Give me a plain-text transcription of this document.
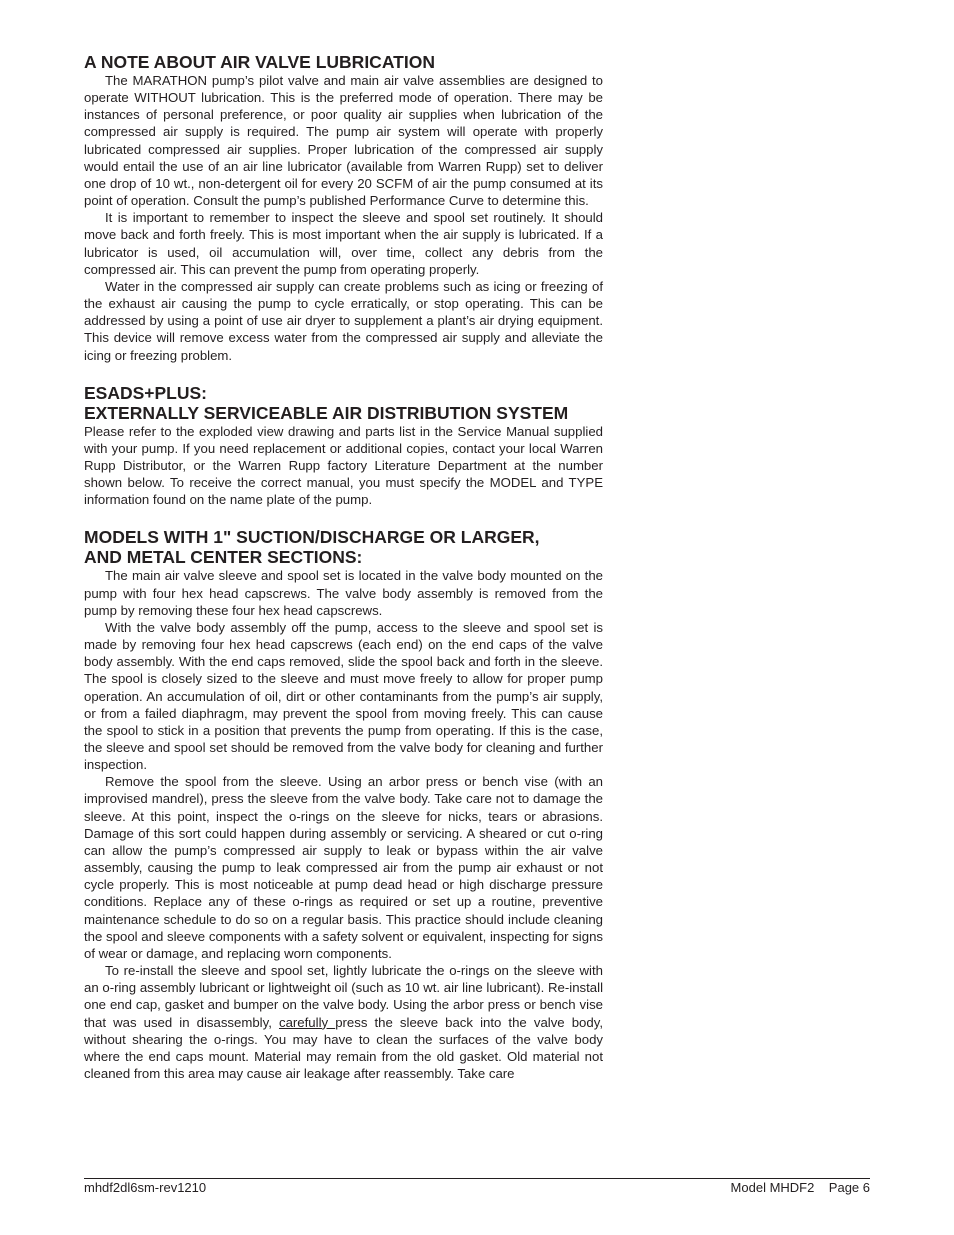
A NOTE ABOUT AIR VALVE LUBRICATION

The MARATHON pump’s pilot valve and main air valve assemblies are designed to operate WITHOUT lubrication. This is the preferred mode of operation. There may be instances of personal preference, or poor quality air supplies when lubrication of the compressed air supply is required. The pump air system will operate with properly lubricated compressed air supplies. Proper lubrication of the compressed air supply would entail the use of an air line lubricator (available from Warren Rupp) set to deliver one drop of 10 wt., non-detergent oil for every 20 SCFM of air the pump consumed at its point of operation. Consult the pump’s published Performance Curve to determine this.

It is important to remember to inspect the sleeve and spool set routinely. It should move back and forth freely. This is most important when the air supply is lubricated. If a lubricator is used, oil accumulation will, over time, collect any debris from the compressed air. This can prevent the pump from operating properly.

Water in the compressed air supply can create problems such as icing or freezing of the exhaust air causing the pump to cycle erratically, or stop operating. This can be addressed by using a point of use air dryer to supplement a plant’s air drying equipment. This device will remove excess water from the compressed air supply and alleviate the icing or freezing problem.

ESADS+PLUS:
EXTERNALLY SERVICEABLE AIR DISTRIBUTION SYSTEM

Please refer to the exploded view drawing and parts list in the Service Manual supplied with your pump. If you need replacement or additional copies, contact your local Warren Rupp Distributor, or the Warren Rupp factory Literature Department at the number shown below. To receive the correct manual, you must specify the MODEL and TYPE information found on the name plate of the pump.

MODELS WITH 1" SUCTION/DISCHARGE OR LARGER,
AND METAL CENTER SECTIONS:

The main air valve sleeve and spool set is located in the valve body mounted on the pump with four hex head capscrews. The valve body assembly is removed from the pump by removing these four hex head capscrews.

With the valve body assembly off the pump, access to the sleeve and spool set is made by removing four hex head capscrews (each end) on the end caps of the valve body assembly. With the end caps removed, slide the spool back and forth in the sleeve. The spool is closely sized to the sleeve and must move freely to allow for proper pump operation. An accumulation of oil, dirt or other contaminants from the pump’s air supply, or from a failed diaphragm, may prevent the spool from moving freely. This can cause the spool to stick in a position that prevents the pump from operating. If this is the case, the sleeve and spool set should be removed from the valve body for cleaning and further inspection.

Remove the spool from the sleeve. Using an arbor press or bench vise (with an improvised mandrel), press the sleeve from the valve body. Take care not to damage the sleeve. At this point, inspect the o-rings on the sleeve for nicks, tears or abrasions. Damage of this sort could happen during assembly or servicing. A sheared or cut o-ring can allow the pump’s compressed air supply to leak or bypass within the air valve assembly, causing the pump to leak compressed air from the pump air exhaust or not cycle properly. This is most noticeable at pump dead head or high discharge pressure conditions. Replace any of these o-rings as required or set up a routine, preventive maintenance schedule to do so on a regular basis. This practice should include cleaning the spool and sleeve components with a safety solvent or equivalent, inspecting for signs of wear or damage, and replacing worn components.

To re-install the sleeve and spool set, lightly lubricate the o-rings on the sleeve with an o-ring assembly lubricant or lightweight oil (such as 10 wt. air line lubricant). Re-install one end cap, gasket and bumper on the valve body. Using the arbor press or bench vise that was used in disassembly, carefully press the sleeve back into the valve body, without shearing the o-rings. You may have to clean the surfaces of the valve body where the end caps mount. Material may remain from the old gasket. Old material not cleaned from this area may cause air leakage after reassembly. Take care

mhdf2dl6sm-rev1210	Model MHDF2    Page 6
